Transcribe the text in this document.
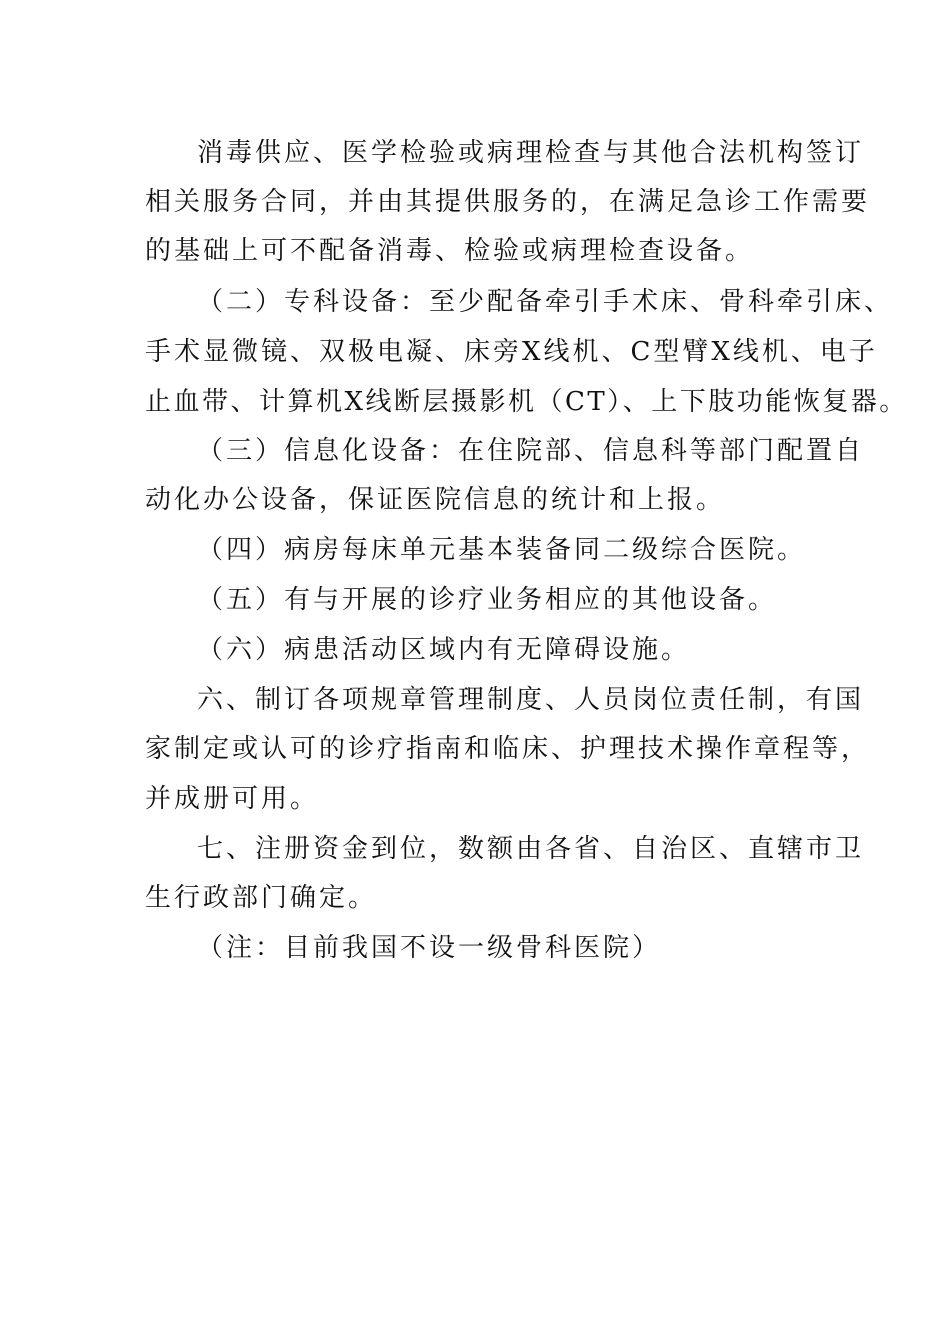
消毒供应、医学检验或病理检查与其他合法机构签订
相关服务合同，并由其提供服务的，在满足急诊工作需要
的基础上可不配备消毒、检验或病理检查设备。
（二）专科设备：至少配备牵引手术床、骨科牵引床、
手术显微镜、双极电凝、床旁X线机、C型臂X线机、电子
止血带、计算机X线断层摄影机（CT）、上下肢功能恢复器。
（三）信息化设备：在住院部、信息科等部门配置自
动化办公设备，保证医院信息的统计和上报。
（四）病房每床单元基本装备同二级综合医院。
（五）有与开展的诊疗业务相应的其他设备。
（六）病患活动区域内有无障碍设施。
六、制订各项规章管理制度、人员岗位责任制，有国
家制定或认可的诊疗指南和临床、护理技术操作章程等，
并成册可用。
七、注册资金到位，数额由各省、自治区、直辖市卫
生行政部门确定。
（注：目前我国不设一级骨科医院）
